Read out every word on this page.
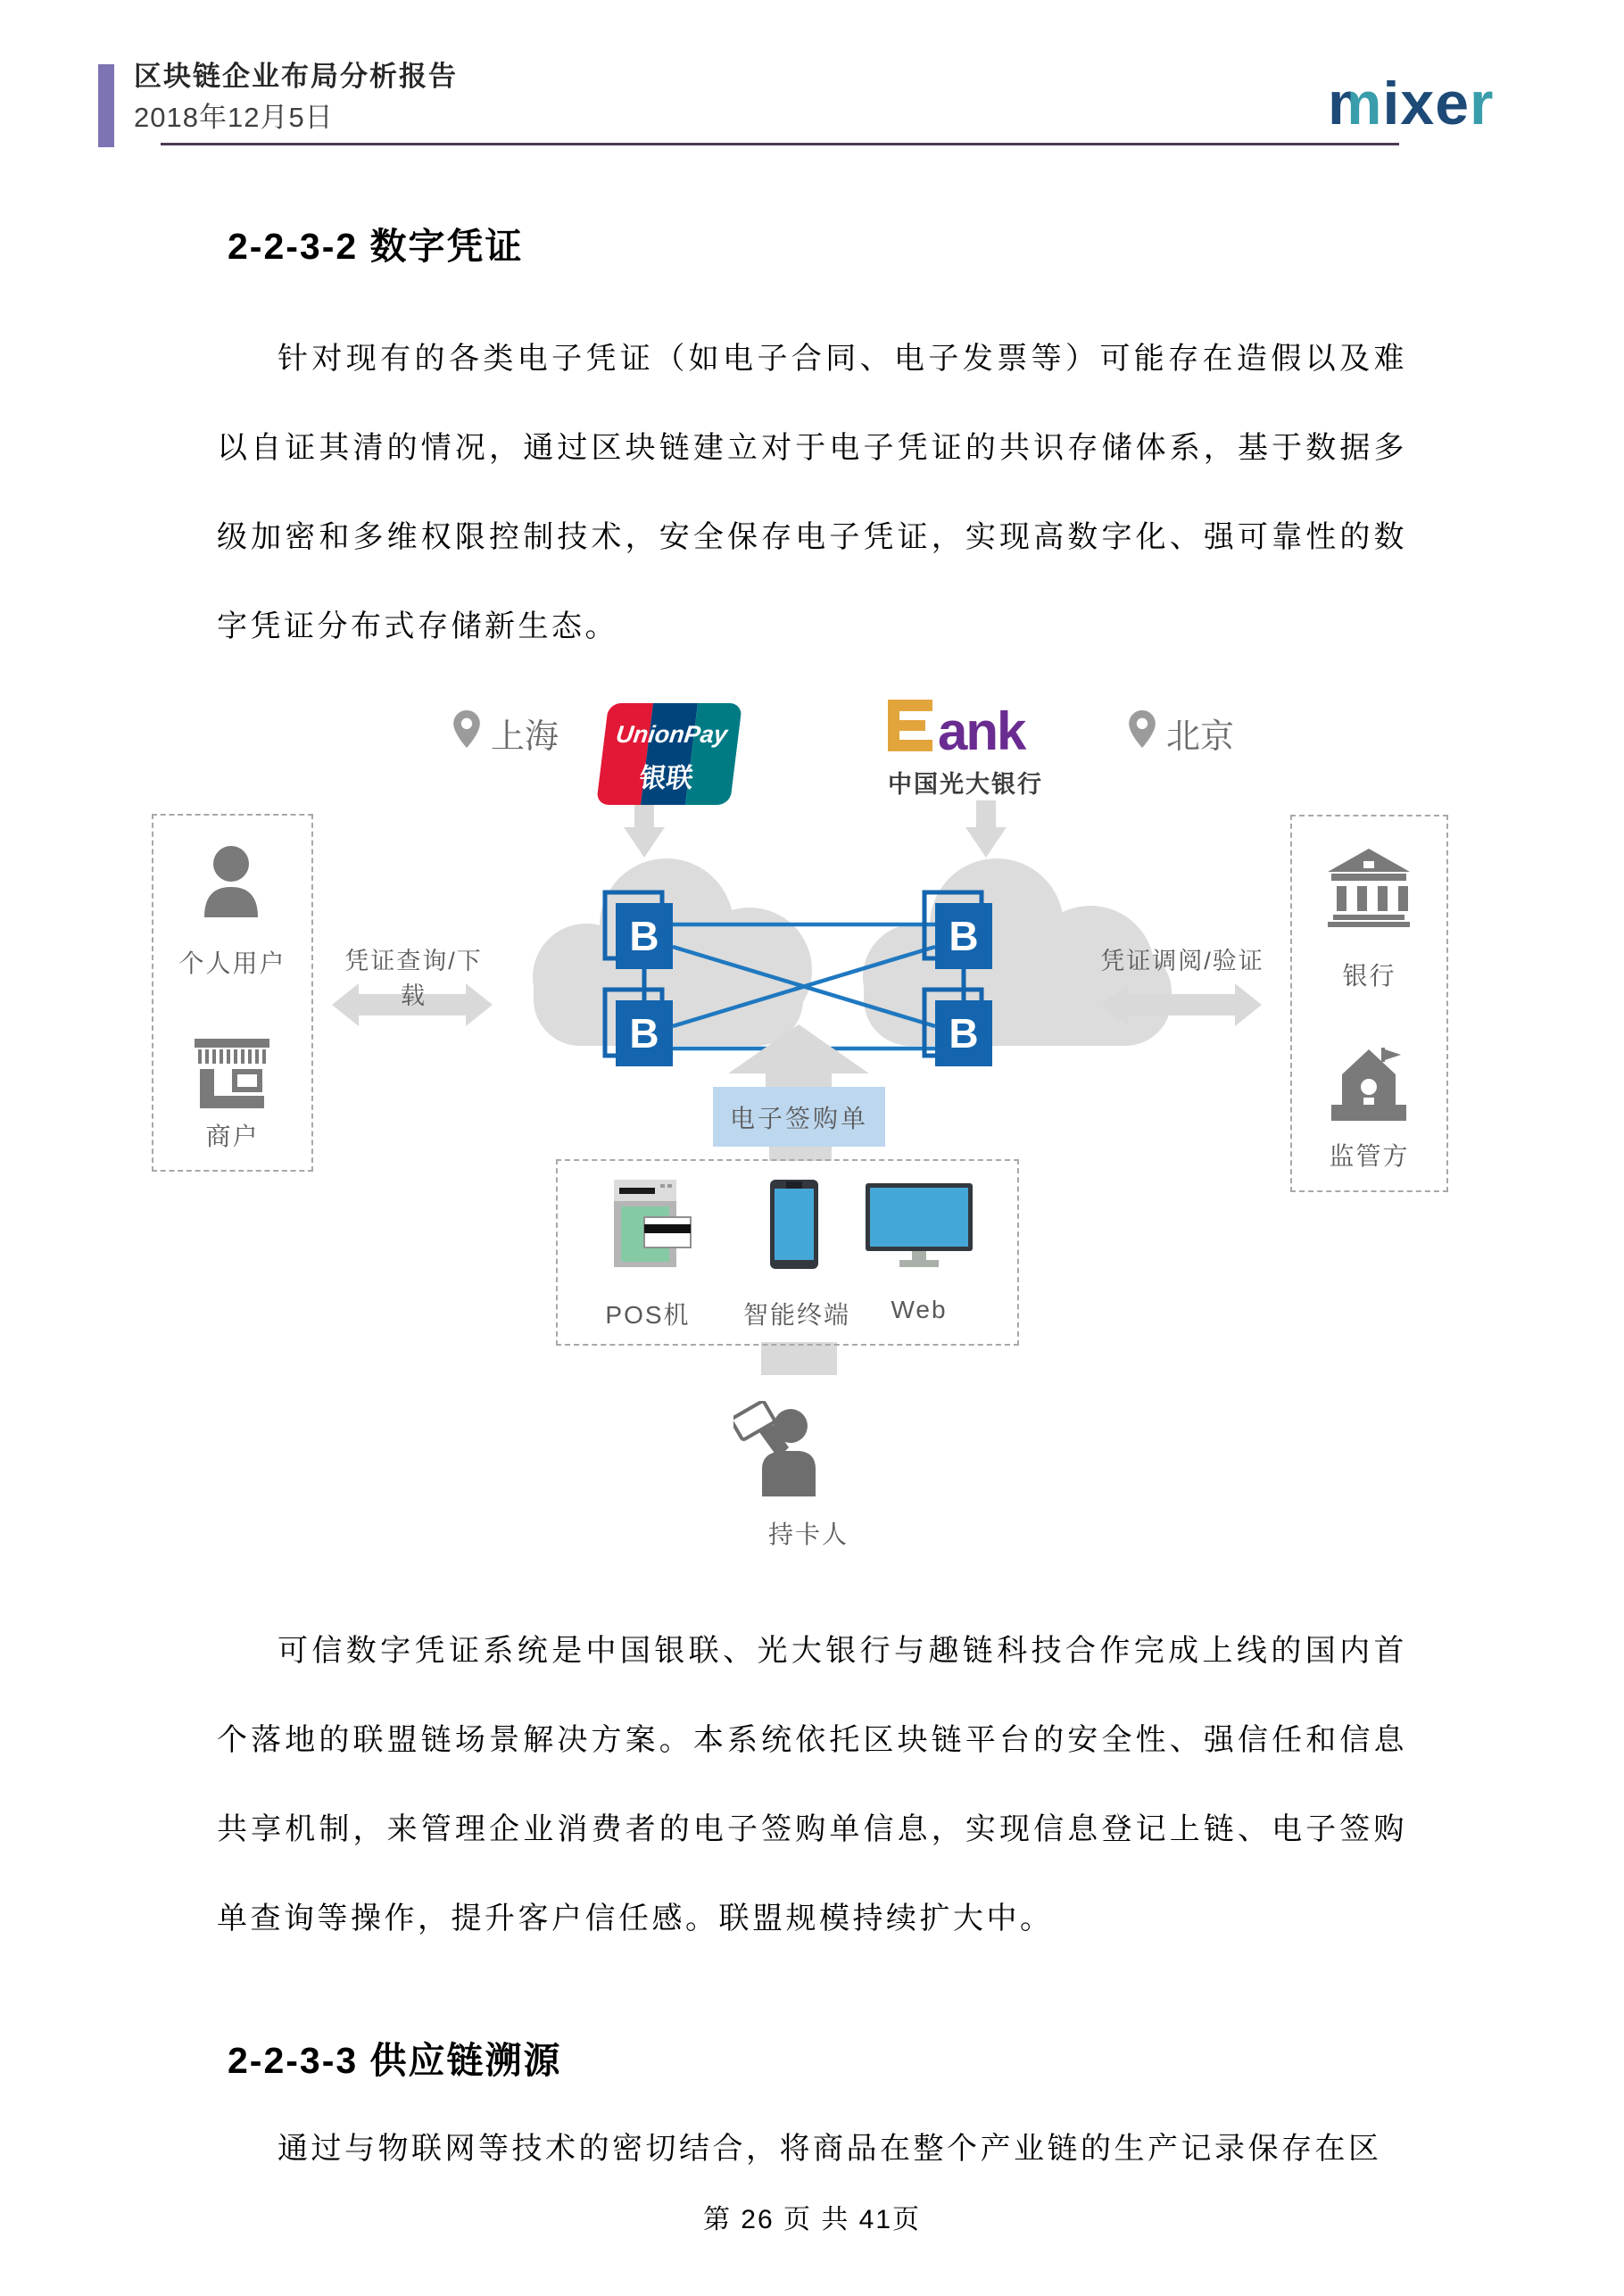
区块链企业布局分析报告
2018年12月5日	mixer
2-2-3-2 数字凭证

针对现有的各类电子凭证（如电子合同、电子发票等）可能存在造假以及难以自证其清的情况，通过区块链建立对于电子凭证的共识存储体系，基于数据多级加密和多维权限控制技术，安全保存电子凭证，实现高数字化、强可靠性的数字凭证分布式存储新生态。

B
B
B
B
上海	UnionPay
银联
ank
中国光大银行
北京
凭证查询/下载
凭证调阅/验证
个人用户
商户
银行
监管方
电子签购单
POS机	智能终端	Web
持卡人

可信数字凭证系统是中国银联、光大银行与趣链科技合作完成上线的国内首个落地的联盟链场景解决方案。本系统依托区块链平台的安全性、强信任和信息共享机制，来管理企业消费者的电子签购单信息，实现信息登记上链、电子签购单查询等操作，提升客户信任感。联盟规模持续扩大中。

2-2-3-3 供应链溯源

通过与物联网等技术的密切结合，将商品在整个产业链的生产记录保存在区

第 26 页 共 41页
